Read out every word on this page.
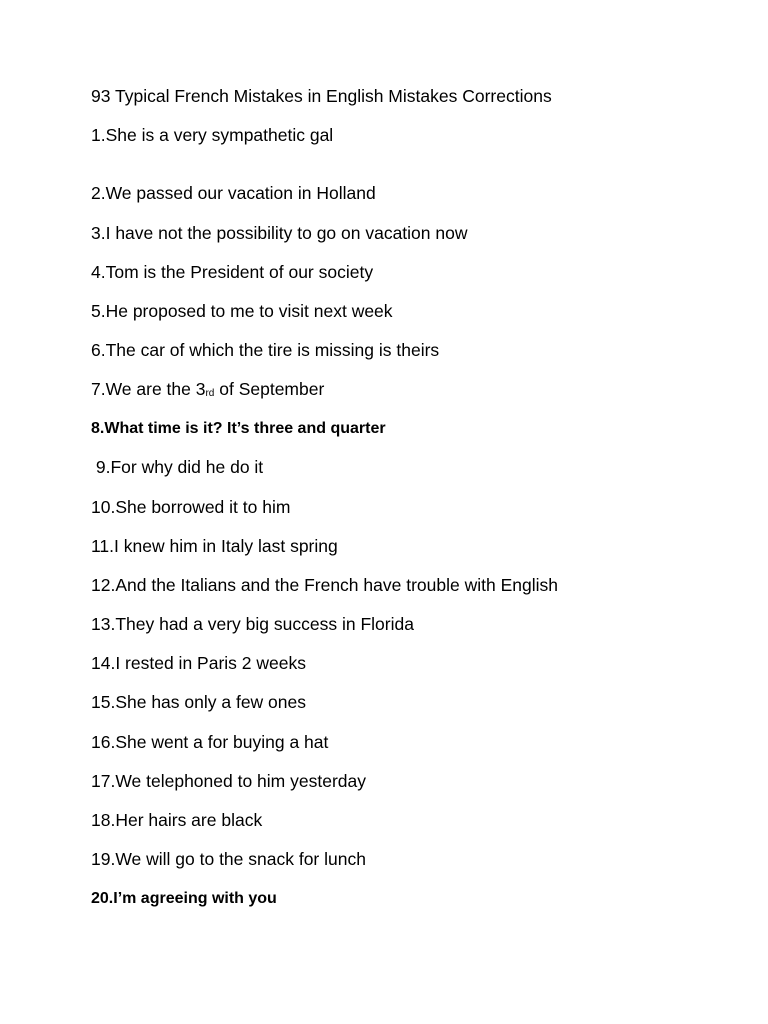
93 Typical French Mistakes in English Mistakes Corrections
1.She is a very sympathetic gal
2.We passed our vacation in Holland
3.I have not the possibility to go on vacation now
4.Tom is the President of our society
5.He proposed to me to visit next week
6.The car of which the tire is missing is theirs
7.We are the 3rd of September
8.What time is it? It’s three and quarter
9.For why did he do it
10.She borrowed it to him
11.I knew him in Italy last spring
12.And the Italians and the French have trouble with English
13.They had a very big success in Florida
14.I rested in Paris 2 weeks
15.She has only a few ones
16.She went a for buying a hat
17.We telephoned to him yesterday
18.Her hairs are black
19.We will go to the snack for lunch
20.I’m agreeing with you
